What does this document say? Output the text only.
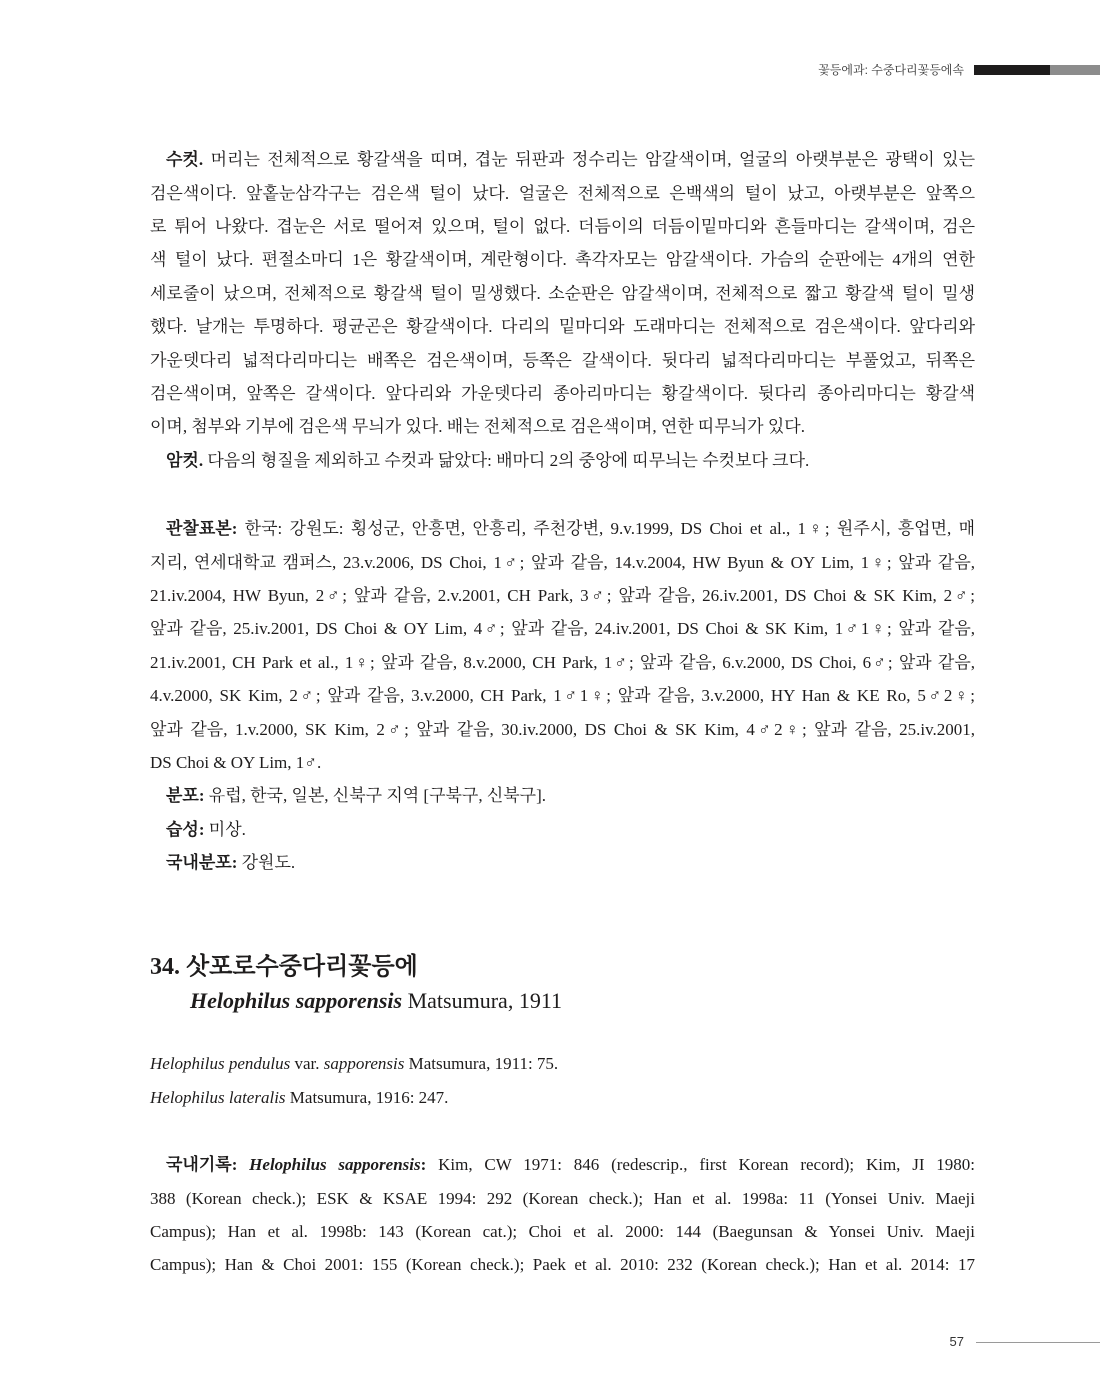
꽃등에과: 수중다리꽃등에속
수컷. 머리는 전체적으로 황갈색을 띠며, 겹눈 뒤판과 정수리는 암갈색이며, 얼굴의 아랫부분은 광택이 있는
검은색이다. 앞홑눈삼각구는 검은색 털이 났다. 얼굴은 전체적으로 은백색의 털이 났고, 아랫부분은 앞쪽으
로 튀어 나왔다. 겹눈은 서로 떨어져 있으며, 털이 없다. 더듬이의 더듬이밑마디와 흔들마디는 갈색이며, 검은
색 털이 났다. 편절소마디 1은 황갈색이며, 계란형이다. 촉각자모는 암갈색이다. 가슴의 순판에는 4개의 연한
세로줄이 났으며, 전체적으로 황갈색 털이 밀생했다. 소순판은 암갈색이며, 전체적으로 짧고 황갈색 털이 밀생
했다. 날개는 투명하다. 평균곤은 황갈색이다. 다리의 밑마디와 도래마디는 전체적으로 검은색이다. 앞다리와
가운뎃다리 넓적다리마디는 배쪽은 검은색이며, 등쪽은 갈색이다. 뒷다리 넓적다리마디는 부풀었고, 뒤쪽은
검은색이며, 앞쪽은 갈색이다. 앞다리와 가운뎃다리 종아리마디는 황갈색이다. 뒷다리 종아리마디는 황갈색
이며, 첨부와 기부에 검은색 무늬가 있다. 배는 전체적으로 검은색이며, 연한 띠무늬가 있다.
암컷. 다음의 형질을 제외하고 수컷과 닮았다: 배마디 2의 중앙에 띠무늬는 수컷보다 크다.
관찰표본: 한국: 강원도: 횡성군, 안흥면, 안흥리, 주천강변, 9.v.1999, DS Choi et al., 1♀; 원주시, 흥업면, 매
지리, 연세대학교 캠퍼스, 23.v.2006, DS Choi, 1♂; 앞과 같음, 14.v.2004, HW Byun & OY Lim, 1♀; 앞과 같음,
21.iv.2004, HW Byun, 2♂; 앞과 같음, 2.v.2001, CH Park, 3♂; 앞과 같음, 26.iv.2001, DS Choi & SK Kim, 2♂;
앞과 같음, 25.iv.2001, DS Choi & OY Lim, 4♂; 앞과 같음, 24.iv.2001, DS Choi & SK Kim, 1♂1♀; 앞과 같음,
21.iv.2001, CH Park et al., 1♀; 앞과 같음, 8.v.2000, CH Park, 1♂; 앞과 같음, 6.v.2000, DS Choi, 6♂; 앞과 같음,
4.v.2000, SK Kim, 2♂; 앞과 같음, 3.v.2000, CH Park, 1♂1♀; 앞과 같음, 3.v.2000, HY Han & KE Ro, 5♂2♀;
앞과 같음, 1.v.2000, SK Kim, 2♂; 앞과 같음, 30.iv.2000, DS Choi & SK Kim, 4♂2♀; 앞과 같음, 25.iv.2001,
DS Choi & OY Lim, 1♂.
분포: 유럽, 한국, 일본, 신북구 지역 [구북구, 신북구].
습성: 미상.
국내분포: 강원도.
34. 삿포로수중다리꽃등에
Helophilus sapporensis Matsumura, 1911
Helophilus pendulus var. sapporensis Matsumura, 1911: 75.
Helophilus lateralis Matsumura, 1916: 247.
국내기록: Helophilus sapporensis: Kim, CW 1971: 846 (redescrip., first Korean record); Kim, JI 1980:
388 (Korean check.); ESK & KSAE 1994: 292 (Korean check.); Han et al. 1998a: 11 (Yonsei Univ. Maeji
Campus); Han et al. 1998b: 143 (Korean cat.); Choi et al. 2000: 144 (Baegunsan & Yonsei Univ. Maeji
Campus); Han & Choi 2001: 155 (Korean check.); Paek et al. 2010: 232 (Korean check.); Han et al. 2014: 17
57
